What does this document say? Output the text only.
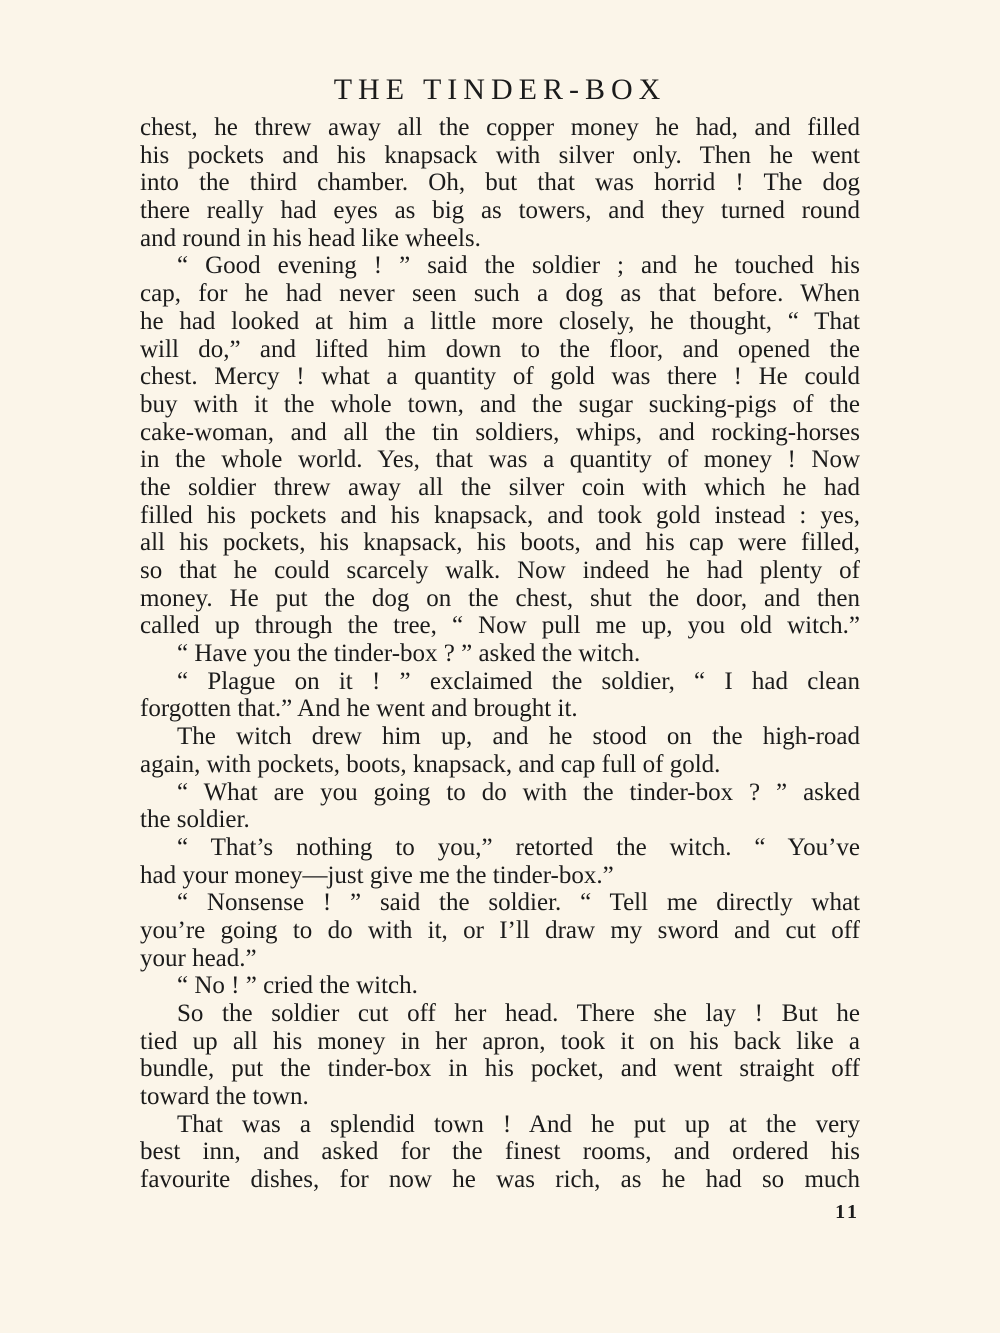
THE TINDER-BOX
chest, he threw away all the copper money he had, and filled
his pockets and his knapsack with silver only. Then he went
into the third chamber. Oh, but that was horrid ! The dog
there really had eyes as big as towers, and they turned round
and round in his head like wheels.
“ Good evening ! ” said the soldier ; and he touched his
cap, for he had never seen such a dog as that before. When
he had looked at him a little more closely, he thought, “ That
will do,” and lifted him down to the floor, and opened the
chest. Mercy ! what a quantity of gold was there ! He could
buy with it the whole town, and the sugar sucking-pigs of the
cake-woman, and all the tin soldiers, whips, and rocking-horses
in the whole world. Yes, that was a quantity of money ! Now
the soldier threw away all the silver coin with which he had
filled his pockets and his knapsack, and took gold instead : yes,
all his pockets, his knapsack, his boots, and his cap were filled,
so that he could scarcely walk. Now indeed he had plenty of
money. He put the dog on the chest, shut the door, and then
called up through the tree, “ Now pull me up, you old witch.”
“ Have you the tinder-box ? ” asked the witch.
“ Plague on it ! ” exclaimed the soldier, “ I had clean
forgotten that.” And he went and brought it.
The witch drew him up, and he stood on the high-road
again, with pockets, boots, knapsack, and cap full of gold.
“ What are you going to do with the tinder-box ? ” asked
the soldier.
“ That’s nothing to you,” retorted the witch. “ You’ve
had your money—just give me the tinder-box.”
“ Nonsense ! ” said the soldier. “ Tell me directly what
you’re going to do with it, or I’ll draw my sword and cut off
your head.”
“ No ! ” cried the witch.
So the soldier cut off her head. There she lay ! But he
tied up all his money in her apron, took it on his back like a
bundle, put the tinder-box in his pocket, and went straight off
toward the town.
That was a splendid town ! And he put up at the very
best inn, and asked for the finest rooms, and ordered his
favourite dishes, for now he was rich, as he had so much
11
